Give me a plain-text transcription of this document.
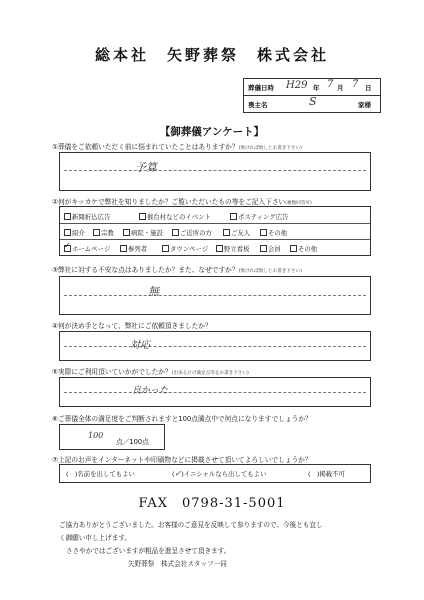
総本社　矢野葬祭　株式会社
葬儀日時 H29 年 7 月 7 日
喪主名	S	家様
【御葬儀アンケート】
①葬儀をご依頼いただく前に悩まれていたことはありますか？(無ければ無しとお書き下さい)
予算
②何がキッカケで弊社を知りましたか？ご覧いただいたもの等をご記入下さい(複数回答可)
新聞折込広告	催台村などのイベント	ポスティング広告
紹介	宗教	病院・施設	ご近所の方	ご友人	その他
✓ホームページ	参列者	タウンページ	野立看板	会員	その他
③弊社に対する不安な点はありましたか？また、なぜですか？(無ければ無しとお書き下さい)
無
④何が決め手となって、弊社にご依頼頂きましたか？
対応
⑤実際にご利用頂いていかがでしたか？(出来るだけ満足点等をお書き下さい)
良かった
⑥ご葬儀全体の満足度をご判断されますと100点満点中で何点になりますでしょうか？
100
点／100点
⑦上記のお声をインターネットや印刷物などに掲載させて頂いてよろしいでしょうか？
(　)名前を出してもよい	(✓)イニシャルなら出してもよい	(　)掲載不可
FAX　0798-31-5001
ご協力ありがとうございました。お客様のご意見を反映して参りますので、今後とも宜し
く御願い申し上げます。
ささやかではございますが粗品を進呈させて頂きます。
矢野葬祭　株式会社スタッフ一同
